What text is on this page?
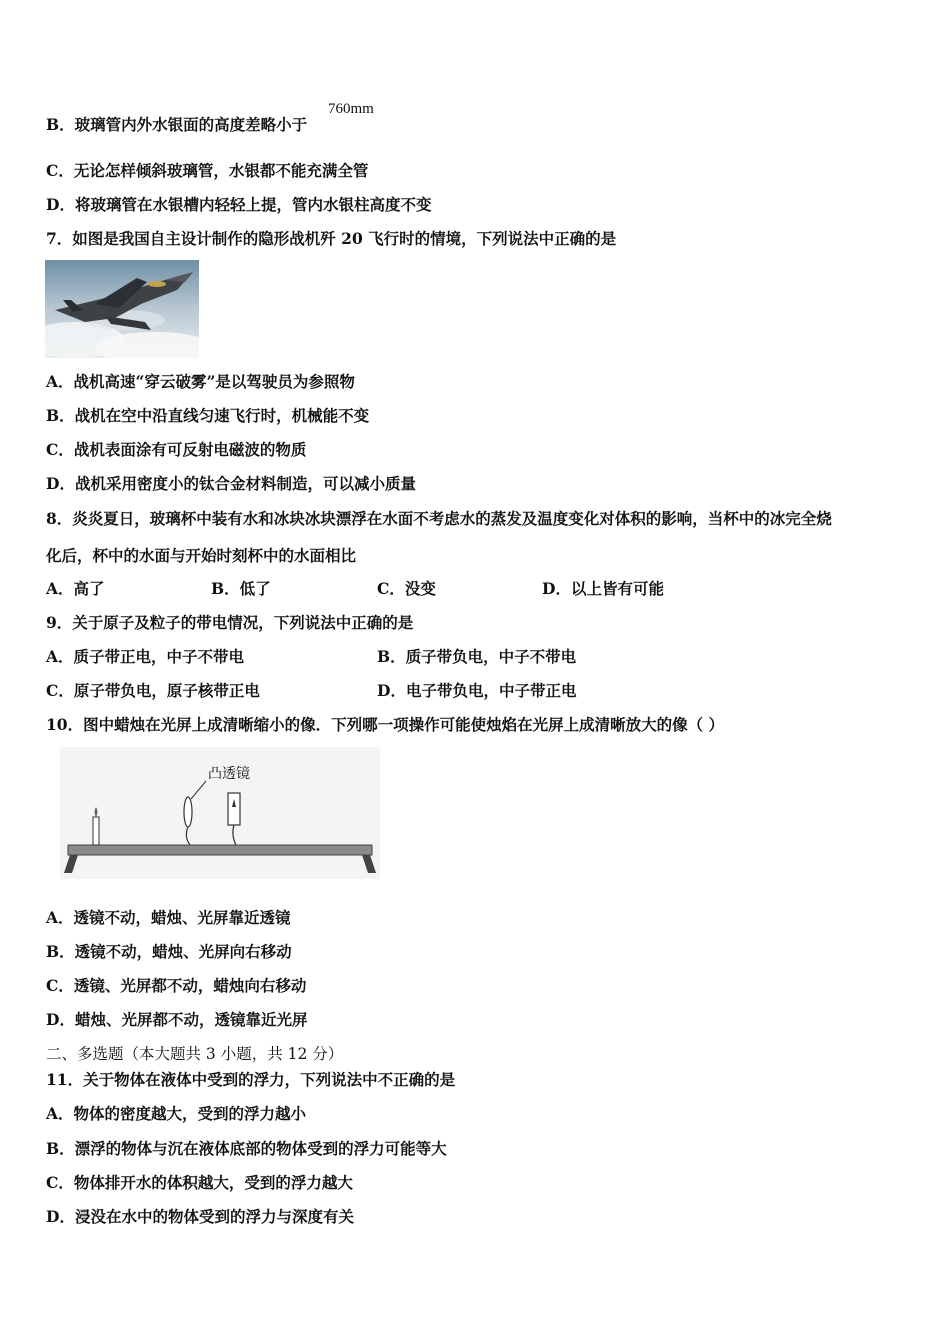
B．玻璃管内外水银面的高度差略小于
760mm
C．无论怎样倾斜玻璃管，水银都不能充满全管
D．将玻璃管在水银槽内轻轻上提，管内水银柱高度不变
7．如图是我国自主设计制作的隐形战机歼 20 飞行时的情境，下列说法中正确的是
A．战机高速“穿云破雾”是以驾驶员为参照物
B．战机在空中沿直线匀速飞行时，机械能不变
C．战机表面涂有可反射电磁波的物质
D．战机采用密度小的钛合金材料制造，可以减小质量
8．炎炎夏日，玻璃杯中装有水和冰块冰块漂浮在水面不考虑水的蒸发及温度变化对体积的影响，当杯中的冰完全烧
化后，杯中的水面与开始时刻杯中的水面相比
A．高了	B．低了	C．没变	D．以上皆有可能
9．关于原子及粒子的带电情况，下列说法中正确的是
A．质子带正电，中子不带电	B．质子带负电，中子不带电
C．原子带负电，原子核带正电	D．电子带负电，中子带正电
10．图中蜡烛在光屏上成清晰缩小的像．下列哪一项操作可能使烛焰在光屏上成清晰放大的像（ ）
凸透镜
A．透镜不动，蜡烛、光屏靠近透镜
B．透镜不动，蜡烛、光屏向右移动
C．透镜、光屏都不动，蜡烛向右移动
D．蜡烛、光屏都不动，透镜靠近光屏
二、多选题（本大题共 3 小题，共 12 分）
11．关于物体在液体中受到的浮力，下列说法中不正确的是
A．物体的密度越大，受到的浮力越小
B．漂浮的物体与沉在液体底部的物体受到的浮力可能等大
C．物体排开水的体积越大，受到的浮力越大
D．浸没在水中的物体受到的浮力与深度有关
